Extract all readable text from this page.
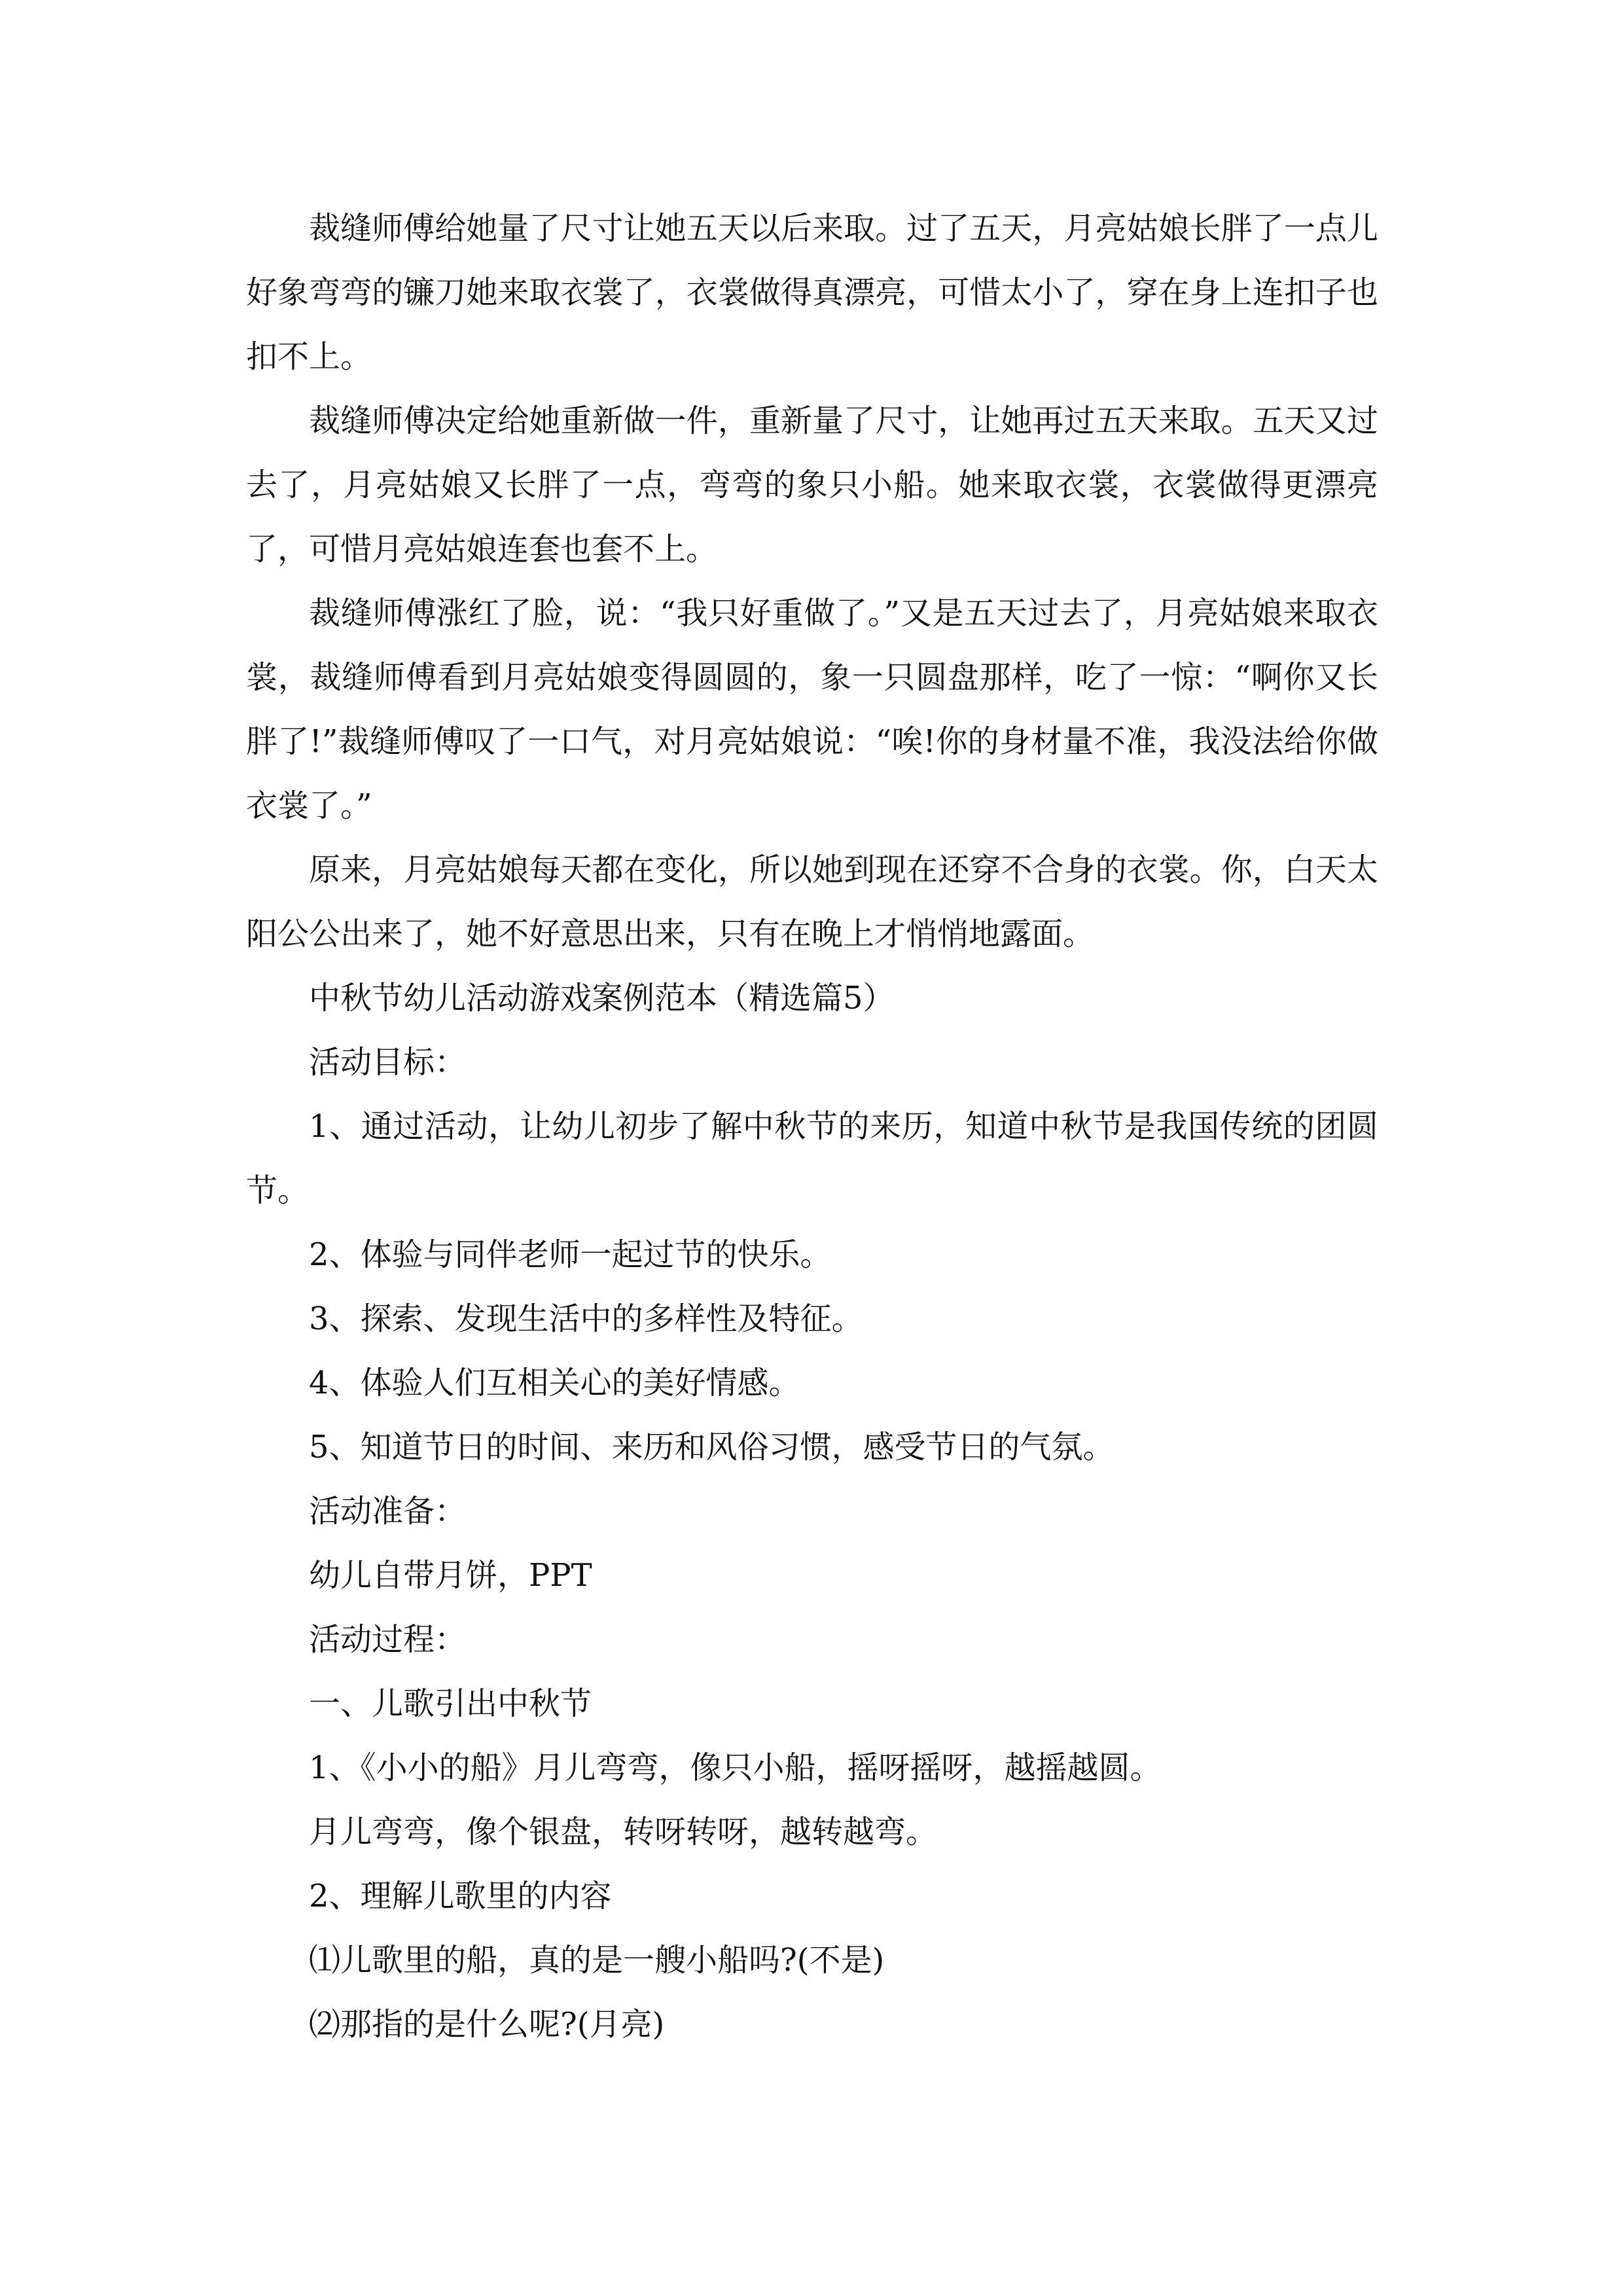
裁缝师傅给她量了尺寸让她五天以后来取。过了五天，月亮姑娘长胖了一点儿好象弯弯的镰刀她来取衣裳了，衣裳做得真漂亮，可惜太小了，穿在身上连扣子也扣不上。

裁缝师傅决定给她重新做一件，重新量了尺寸，让她再过五天来取。五天又过去了，月亮姑娘又长胖了一点，弯弯的象只小船。她来取衣裳，衣裳做得更漂亮了，可惜月亮姑娘连套也套不上。

裁缝师傅涨红了脸，说：“我只好重做了。”又是五天过去了，月亮姑娘来取衣裳，裁缝师傅看到月亮姑娘变得圆圆的，象一只圆盘那样，吃了一惊：“啊你又长胖了!”裁缝师傅叹了一口气，对月亮姑娘说：“唉!你的身材量不准，我没法给你做衣裳了。”

原来，月亮姑娘每天都在变化，所以她到现在还穿不合身的衣裳。你，白天太阳公公出来了，她不好意思出来，只有在晚上才悄悄地露面。

中秋节幼儿活动游戏案例范本（精选篇5）

活动目标：

1、通过活动，让幼儿初步了解中秋节的来历，知道中秋节是我国传统的团圆节。

2、体验与同伴老师一起过节的快乐。

3、探索、发现生活中的多样性及特征。

4、体验人们互相关心的美好情感。

5、知道节日的时间、来历和风俗习惯，感受节日的气氛。

活动准备：

幼儿自带月饼，PPT

活动过程：

一、儿歌引出中秋节

1、《小小的船》月儿弯弯，像只小船，摇呀摇呀，越摇越圆。

月儿弯弯，像个银盘，转呀转呀，越转越弯。

2、理解儿歌里的内容

⑴儿歌里的船，真的是一艘小船吗?(不是)

⑵那指的是什么呢?(月亮)
